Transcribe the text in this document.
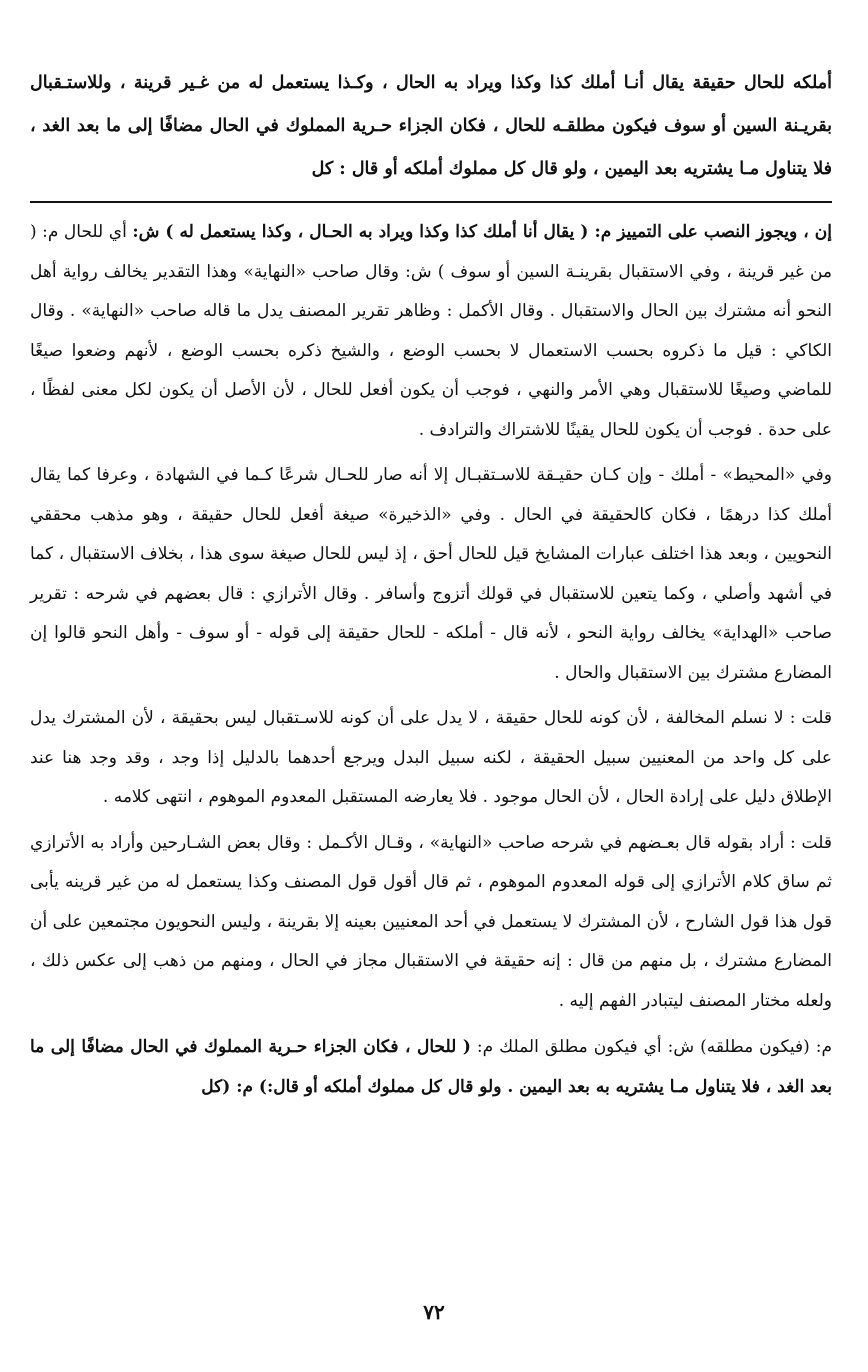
أملكه للحال حقيقة يقال أنـا أملك كذا وكذا ويراد به الحال ، وكـذا يستعمل له من غـير قرينة ، وللاستـقبال بقريـنة السين أو سوف فيكون مطلقـه للحال ، فكان الجزاء حـرية المملوك في الحال مضافًا إلى ما بعد الغد ، فلا يتناول مـا يشتريه بعد اليمين ، ولو قال كل مملوك أملكه أو قال : كل

إن ، ويجوز النصب على التمييز م: ( يقال أنا أملك كذا وكذا ويراد به الحـال ، وكذا يستعمل له ) ش: أي للحال م: ( من غير قرينة ، وفي الاستقبال بقرينـة السين أو سوف ) ش: وقال صاحب «النهاية» وهذا التقدير يخالف رواية أهل النحو أنه مشترك بين الحال والاستقبال . وقال الأكمل : وظاهر تقرير المصنف يدل ما قاله صاحب «النهاية» . وقال الكاكي : قيل ما ذكروه بحسب الاستعمال لا بحسب الوضع ، والشيخ ذكره بحسب الوضع ، لأنهم وضعوا صيغًا للماضي وصيغًا للاستقبال وهي الأمر والنهي ، فوجب أن يكون أفعل للحال ، لأن الأصل أن يكون لكل معنى لفظًا ، على حدة . فوجب أن يكون للحال يقينًا للاشتراك والترادف .

وفي «المحيط» - أملك - وإن كـان حقيـقة للاسـتقبـال إلا أنه صار للحـال شرعًا كـما في الشهادة ، وعرفا كما يقال أملك كذا درهمًا ، فكان كالحقيقة في الحال . وفي «الذخيرة» صيغة أفعل للحال حقيقة ، وهو مذهب محققي النحويين ، وبعد هذا اختلف عبارات المشايخ قيل للحال أحق ، إذ ليس للحال صيغة سوى هذا ، بخلاف الاستقبال ، كما في أشهد وأصلي ، وكما يتعين للاستقبال في قولك أتزوج وأسافر . وقال الأترازي : قال بعضهم في شرحه : تقرير صاحب «الهداية» يخالف رواية النحو ، لأنه قال - أملكه - للحال حقيقة إلى قوله - أو سوف - وأهل النحو قالوا إن المضارع مشترك بين الاستقبال والحال .

قلت : لا نسلم المخالفة ، لأن كونه للحال حقيقة ، لا يدل على أن كونه للاسـتقبال ليس بحقيقة ، لأن المشترك يدل على كل واحد من المعنيين سبيل الحقيقة ، لكنه سبيل البدل ويرجع أحدهما بالدليل إذا وجد ، وقد وجد هنا عند الإطلاق دليل على إرادة الحال ، لأن الحال موجود . فلا يعارضه المستقبل المعدوم الموهوم ، انتهى كلامه .

قلت : أراد بقوله قال بعـضهم في شرحه صاحب «النهاية» ، وقـال الأكـمل : وقال بعض الشـارحين وأراد به الأترازي ثم ساق كلام الأترازي إلى قوله المعدوم الموهوم ، ثم قال أقول قول المصنف وكذا يستعمل له من غير قرينه يأبى قول هذا قول الشارح ، لأن المشترك لا يستعمل في أحد المعنيين بعينه إلا بقرينة ، وليس النحويون مجتمعين على أن المضارع مشترك ، بل منهم من قال : إنه حقيقة في الاستقبال مجاز في الحال ، ومنهم من ذهب إلى عكس ذلك ، ولعله مختار المصنف ليتبادر الفهم إليه .

م: (فيكون مطلقه) ش: أي فيكون مطلق الملك م: ( للحال ، فكان الجزاء حـرية المملوك في الحال مضافًا إلى ما بعد الغد ، فلا يتناول مـا يشتريه به بعد اليمين . ولو قال كل مملوك أملكه أو قال:) م: (كل

٧٢
